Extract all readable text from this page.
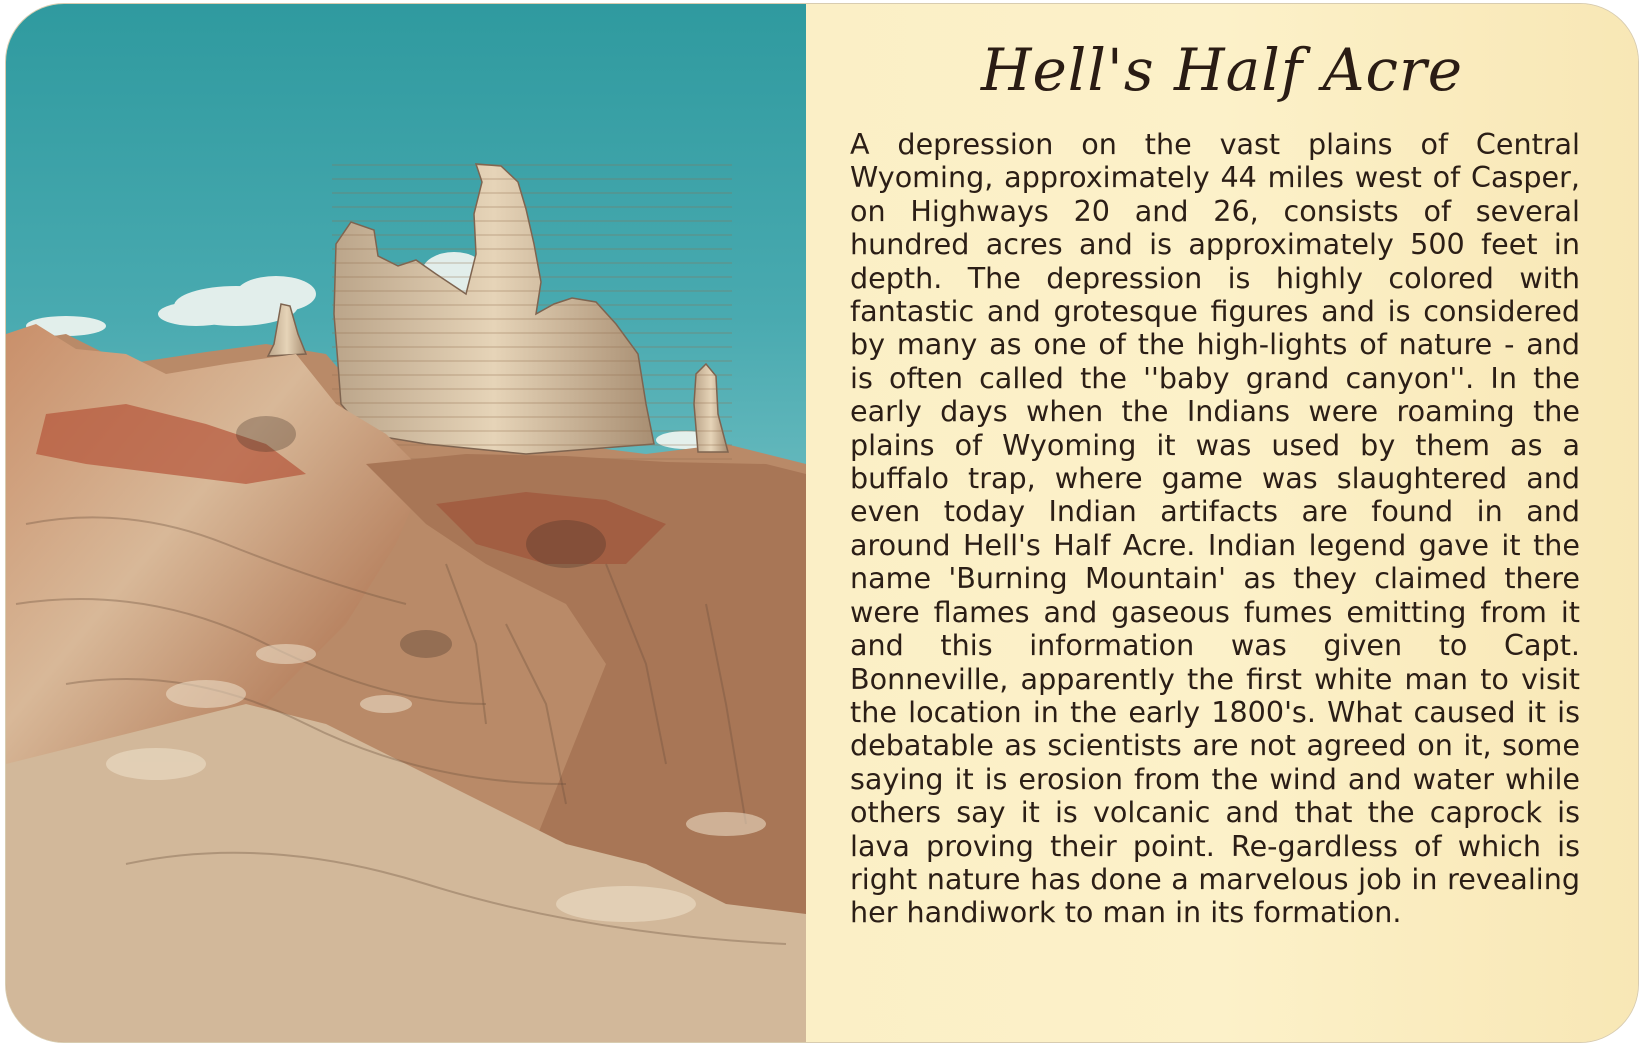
Hell's Half Acre

A depression on the vast plains of Central Wyoming, approximately 44 miles west of Casper, on Highways 20 and 26, consists of several hundred acres and is approximately 500 feet in depth. The depression is highly colored with fantastic and grotesque figures and is considered by many as one of the high-lights of nature - and is often called the ''baby grand canyon''. In the early days when the Indians were roaming the plains of Wyoming it was used by them as a buffalo trap, where game was slaughtered and even today Indian artifacts are found in and around Hell's Half Acre. Indian legend gave it the name 'Burning Mountain' as they claimed there were flames and gaseous fumes emitting from it and this information was given to Capt. Bonneville, apparently the first white man to visit the location in the early 1800's. What caused it is debatable as scientists are not agreed on it, some saying it is erosion from the wind and water while others say it is volcanic and that the caprock is lava proving their point. Re-gardless of which is right nature has done a marvelous job in revealing her handiwork to man in its formation.
